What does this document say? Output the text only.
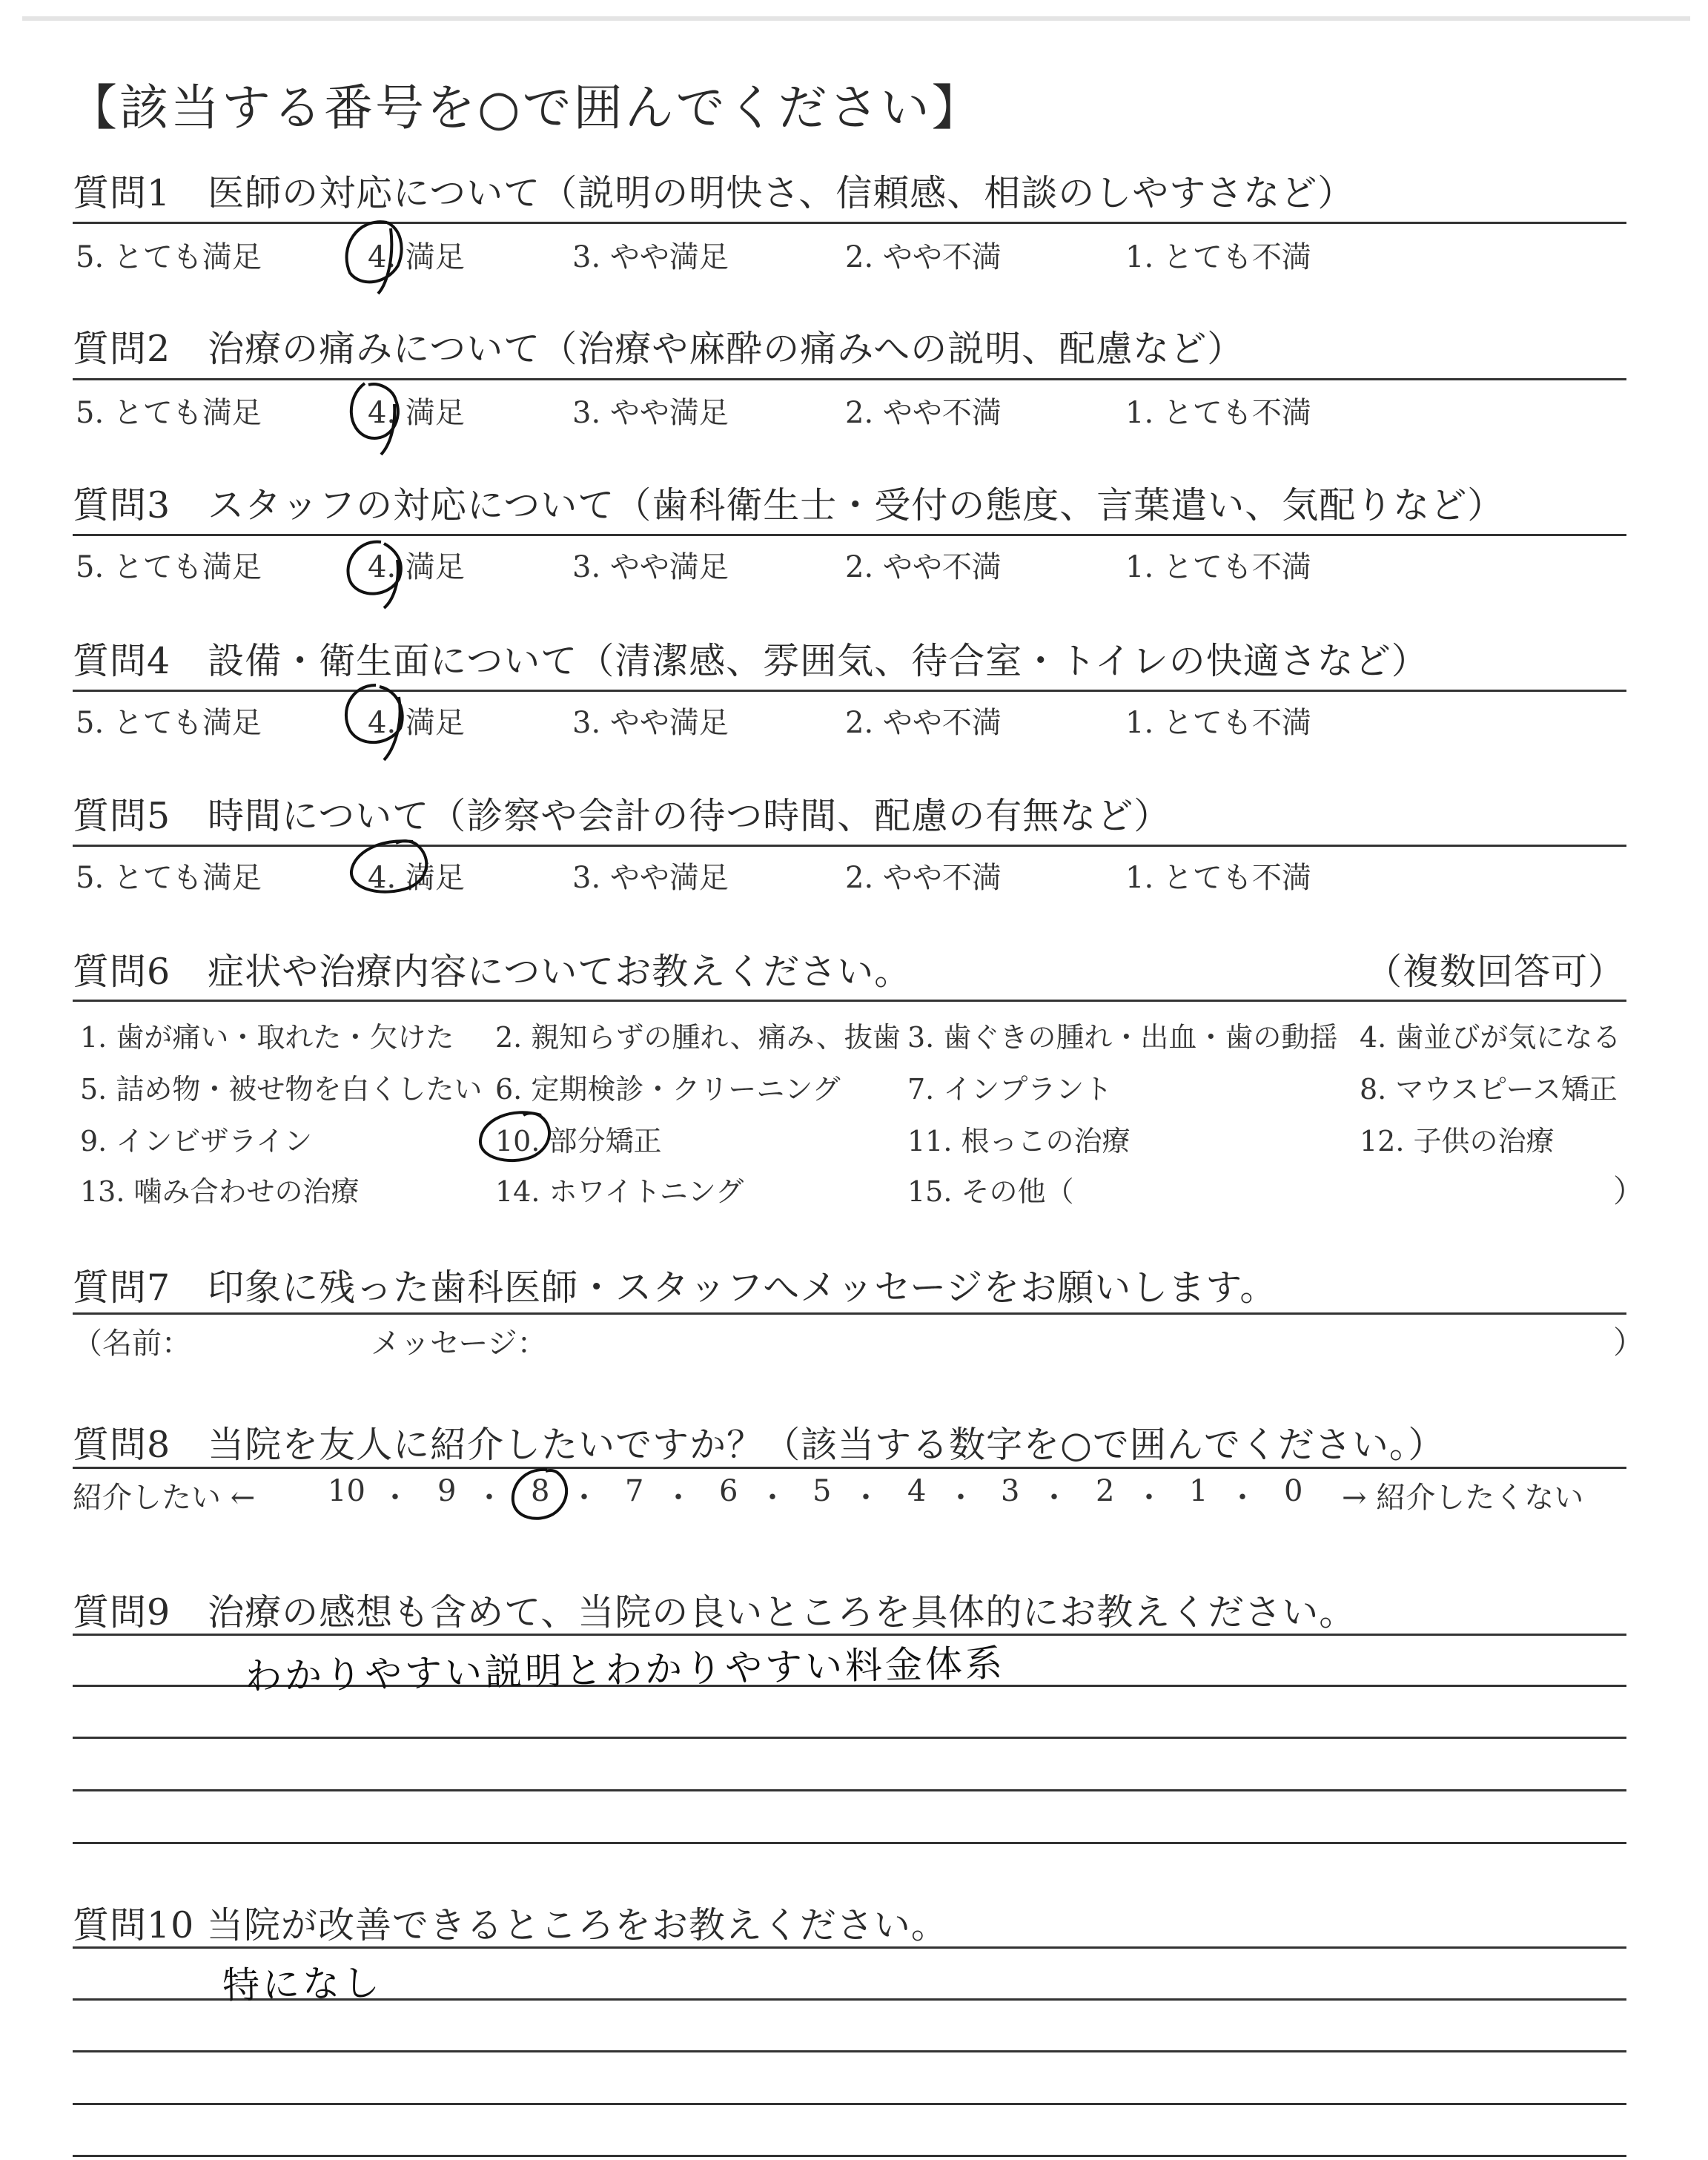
【該当する番号を○で囲んでください】
質問1　医師の対応について（説明の明快さ、信頼感、相談のしやすさなど）
5. とても満足	4. 満足	3. やや満足	2. やや不満	1. とても不満
質問2　治療の痛みについて（治療や麻酔の痛みへの説明、配慮など）
5. とても満足	4. 満足	3. やや満足	2. やや不満	1. とても不満
質問3　スタッフの対応について（歯科衛生士・受付の態度、言葉遣い、気配りなど）
5. とても満足	4. 満足	3. やや満足	2. やや不満	1. とても不満
質問4　設備・衛生面について（清潔感、雰囲気、待合室・トイレの快適さなど）
5. とても満足	4. 満足	3. やや満足	2. やや不満	1. とても不満
質問5　時間について（診察や会計の待つ時間、配慮の有無など）
5. とても満足	4. 満足	3. やや満足	2. やや不満	1. とても不満
質問6　症状や治療内容についてお教えください。	（複数回答可）
1. 歯が痛い・取れた・欠けた 2. 親知らずの腫れ、痛み、抜歯 3. 歯ぐきの腫れ・出血・歯の動揺 4. 歯並びが気になる
5. 詰め物・被せ物を白くしたい 6. 定期検診・クリーニング 7. インプラント	8. マウスピース矯正
9. インビザライン	10. 部分矯正	11. 根っこの治療	12. 子供の治療
13. 噛み合わせの治療	14. ホワイトニング	15. その他（	）
質問7　印象に残った歯科医師・スタッフへメッセージをお願いします。
（名前：	メッセージ：	）
質問8　当院を友人に紹介したいですか？（該当する数字を○で囲んでください。）
紹介したい ← 10 ・ 9 ・ 8 ・ 7 ・ 6 ・ 5 ・ 4 ・ 3 ・ 2 ・ 1 ・ 0 → 紹介したくない
質問9　治療の感想も含めて、当院の良いところを具体的にお教えください。
わかりやすい説明とわかりやすい料金体系
質問10 当院が改善できるところをお教えください。
特になし
